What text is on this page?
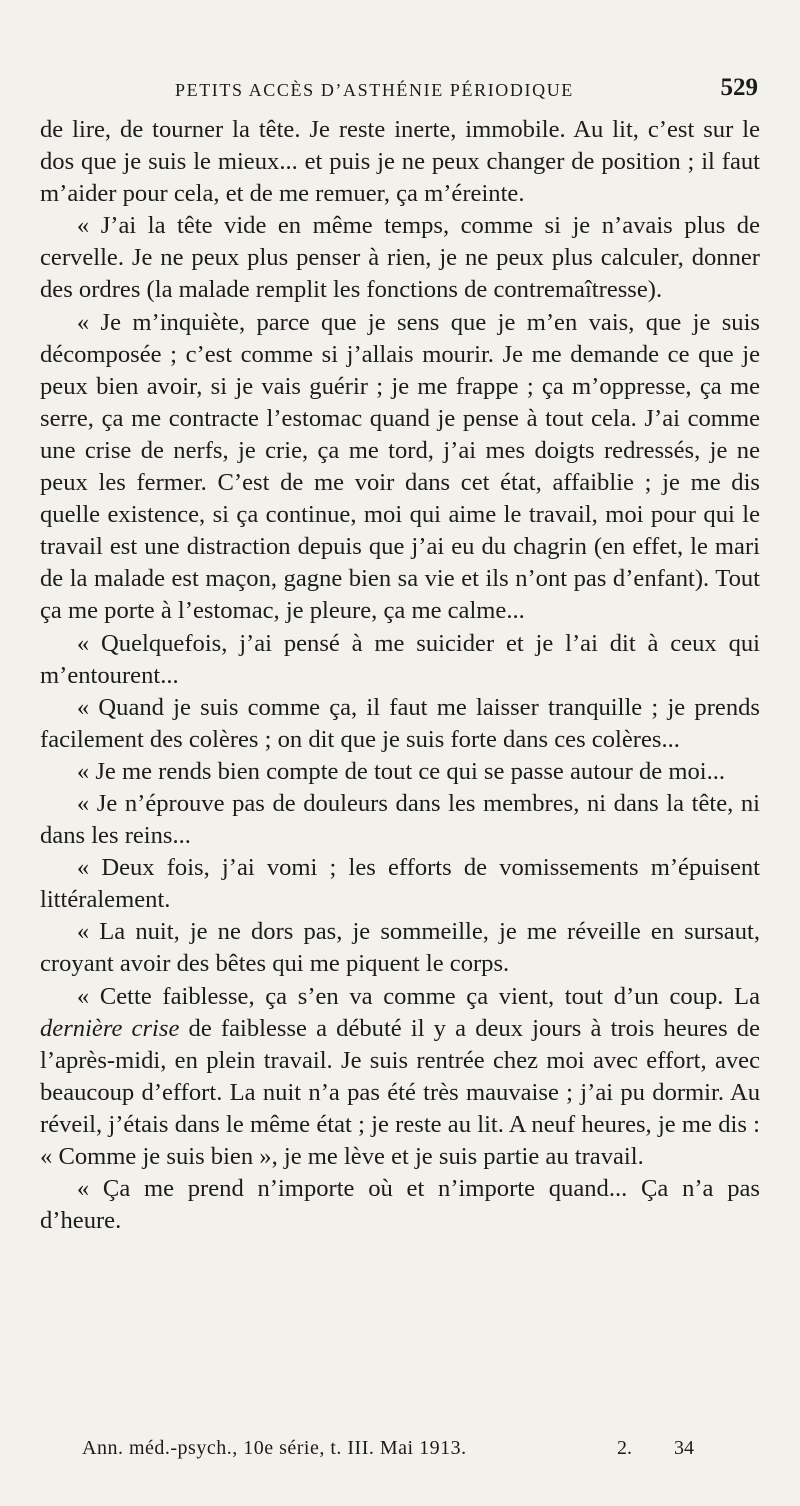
PETITS ACCÈS D’ASTHÉNIE PÉRIODIQUE	529

de lire, de tourner la tête. Je reste inerte, immobile. Au lit, c’est sur le dos que je suis le mieux... et puis je ne peux changer de position ; il faut m’aider pour cela, et de me remuer, ça m’éreinte.

« J’ai la tête vide en même temps, comme si je n’avais plus de cervelle. Je ne peux plus penser à rien, je ne peux plus calculer, donner des ordres (la malade remplit les fonctions de contremaîtresse).

« Je m’inquiète, parce que je sens que je m’en vais, que je suis décomposée ; c’est comme si j’allais mourir. Je me demande ce que je peux bien avoir, si je vais guérir ; je me frappe ; ça m’oppresse, ça me serre, ça me contracte l’estomac quand je pense à tout cela. J’ai comme une crise de nerfs, je crie, ça me tord, j’ai mes doigts redressés, je ne peux les fermer. C’est de me voir dans cet état, affaiblie ; je me dis quelle existence, si ça continue, moi qui aime le travail, moi pour qui le travail est une distraction depuis que j’ai eu du chagrin (en effet, le mari de la malade est maçon, gagne bien sa vie et ils n’ont pas d’enfant). Tout ça me porte à l’estomac, je pleure, ça me calme...

« Quelquefois, j’ai pensé à me suicider et je l’ai dit à ceux qui m’entourent...

« Quand je suis comme ça, il faut me laisser tranquille ; je prends facilement des colères ; on dit que je suis forte dans ces colères...

« Je me rends bien compte de tout ce qui se passe autour de moi...

« Je n’éprouve pas de douleurs dans les membres, ni dans la tête, ni dans les reins...

« Deux fois, j’ai vomi ; les efforts de vomissements m’épuisent littéralement.

« La nuit, je ne dors pas, je sommeille, je me réveille en sursaut, croyant avoir des bêtes qui me piquent le corps.

« Cette faiblesse, ça s’en va comme ça vient, tout d’un coup. La dernière crise de faiblesse a débuté il y a deux jours à trois heures de l’après-midi, en plein travail. Je suis rentrée chez moi avec effort, avec beaucoup d’effort. La nuit n’a pas été très mauvaise ; j’ai pu dormir. Au réveil, j’étais dans le même état ; je reste au lit. A neuf heures, je me dis : « Comme je suis bien », je me lève et je suis partie au travail.

« Ça me prend n’importe où et n’importe quand... Ça n’a pas d’heure.

Ann. méd.-psych., 10e série, t. III. Mai 1913.	2. 34
